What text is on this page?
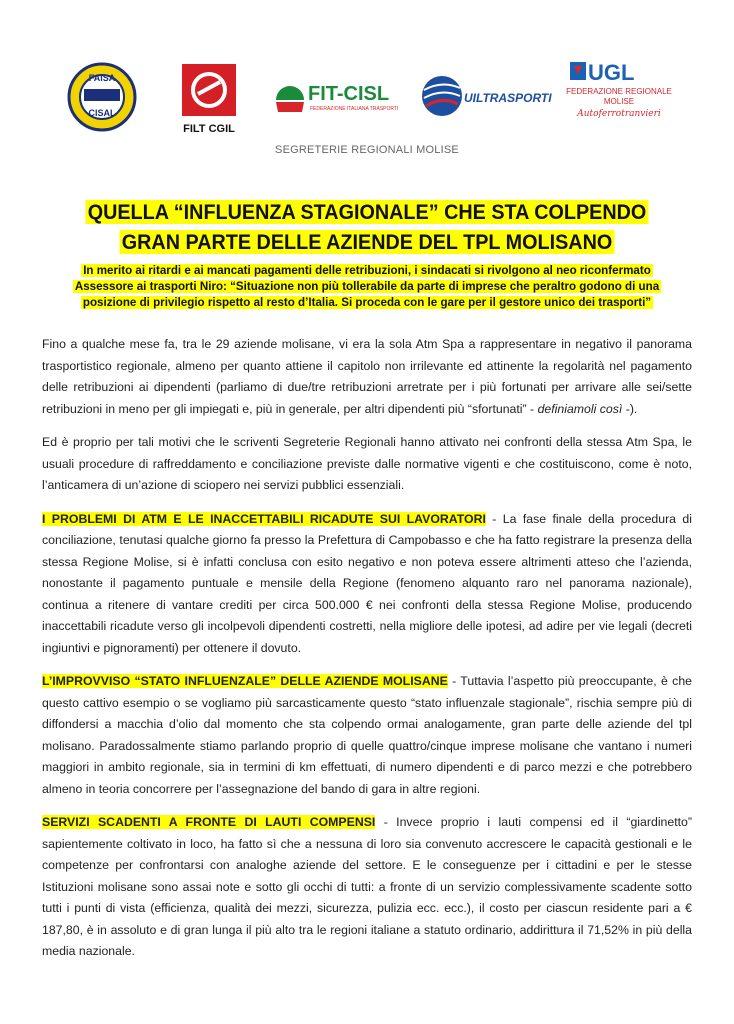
FAISA
CISAL
FILT CGIL
FIT-CISL
FEDERAZIONE ITALIANA TRASPORTI
UILTRASPORTI
UGL
FEDERAZIONE REGIONALE
MOLISE
Autoferrotranvieri
SEGRETERIE REGIONALI MOLISE
QUELLA “INFLUENZA STAGIONALE” CHE STA COLPENDO
GRAN PARTE DELLE AZIENDE DEL TPL MOLISANO
In merito ai ritardi e ai mancati pagamenti delle retribuzioni, i sindacati si rivolgono al neo riconfermato
Assessore ai trasporti Niro: “Situazione non più tollerabile da parte di imprese che peraltro godono di una
posizione di privilegio rispetto al resto d’Italia. Si proceda con le gare per il gestore unico dei trasporti”

Fino a qualche mese fa, tra le 29 aziende molisane, vi era la sola Atm Spa a rappresentare in negativo il panorama trasportistico regionale, almeno per quanto attiene il capitolo non irrilevante ed attinente la regolarità nel pagamento delle retribuzioni ai dipendenti (parliamo di due/tre retribuzioni arretrate per i più fortunati per arrivare alle sei/sette retribuzioni in meno per gli impiegati e, più in generale, per altri dipendenti più “sfortunati” - definiamoli così -).

Ed è proprio per tali motivi che le scriventi Segreterie Regionali hanno attivato nei confronti della stessa Atm Spa, le usuali procedure di raffreddamento e conciliazione previste dalle normative vigenti e che costituiscono, come è noto, l’anticamera di un’azione di sciopero nei servizi pubblici essenziali.

I PROBLEMI DI ATM E LE INACCETTABILI RICADUTE SUI LAVORATORI - La fase finale della procedura di conciliazione, tenutasi qualche giorno fa presso la Prefettura di Campobasso e che ha fatto registrare la presenza della stessa Regione Molise, si è infatti conclusa con esito negativo e non poteva essere altrimenti atteso che l’azienda, nonostante il pagamento puntuale e mensile della Regione (fenomeno alquanto raro nel panorama nazionale), continua a ritenere di vantare crediti per circa 500.000 € nei confronti della stessa Regione Molise, producendo inaccettabili ricadute verso gli incolpevoli dipendenti costretti, nella migliore delle ipotesi, ad adire per vie legali (decreti ingiuntivi e pignoramenti) per ottenere il dovuto.

L’IMPROVVISO “STATO INFLUENZALE” DELLE AZIENDE MOLISANE - Tuttavia l’aspetto più preoccupante, è che questo cattivo esempio o se vogliamo più sarcasticamente questo “stato influenzale stagionale”, rischia sempre più di diffondersi a macchia d’olio dal momento che sta colpendo ormai analogamente, gran parte delle aziende del tpl molisano. Paradossalmente stiamo parlando proprio di quelle quattro/cinque imprese molisane che vantano i numeri maggiori in ambito regionale, sia in termini di km effettuati, di numero dipendenti e di parco mezzi e che potrebbero almeno in teoria concorrere per l’assegnazione del bando di gara in altre regioni.

SERVIZI SCADENTI A FRONTE DI LAUTI COMPENSI - Invece proprio i lauti compensi ed il “giardinetto” sapientemente coltivato in loco, ha fatto sì che a nessuna di loro sia convenuto accrescere le capacità gestionali e le competenze per confrontarsi con analoghe aziende del settore. E le conseguenze per i cittadini e per le stesse Istituzioni molisane sono assai note e sotto gli occhi di tutti: a fronte di un servizio complessivamente scadente sotto tutti i punti di vista (efficienza, qualità dei mezzi, sicurezza, pulizia ecc. ecc.), il costo per ciascun residente pari a € 187,80, è in assoluto e di gran lunga il più alto tra le regioni italiane a statuto ordinario, addirittura il 71,52% in più della media nazionale.
